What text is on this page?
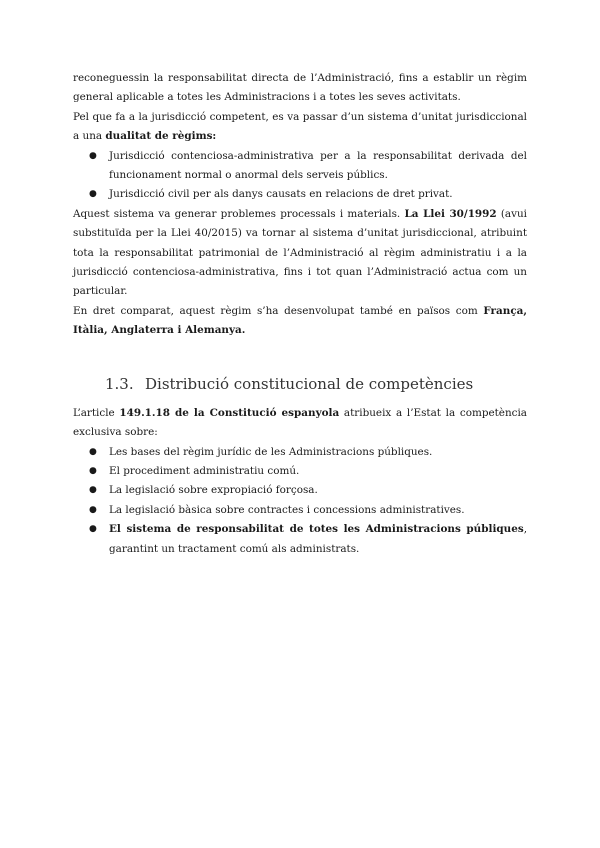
reconeguessin la responsabilitat directa de l’Administració, fins a establir un règim general aplicable a totes les Administracions i a totes les seves activitats.

Pel que fa a la jurisdicció competent, es va passar d’un sistema d’unitat jurisdiccional a una dualitat de règims:

● Jurisdicció contenciosa-administrativa per a la responsabilitat derivada del funcionament normal o anormal dels serveis públics.
● Jurisdicció civil per als danys causats en relacions de dret privat.

Aquest sistema va generar problemes processals i materials. La Llei 30/1992 (avui substituïda per la Llei 40/2015) va tornar al sistema d’unitat jurisdiccional, atribuint tota la responsabilitat patrimonial de l’Administració al règim administratiu i a la jurisdicció contenciosa-administrativa, fins i tot quan l’Administració actua com un particular.

En dret comparat, aquest règim s’ha desenvolupat també en països com França, Itàlia, Anglaterra i Alemanya.

1.3. Distribució constitucional de competències

L’article 149.1.18 de la Constitució espanyola atribueix a l’Estat la competència exclusiva sobre:

● Les bases del règim jurídic de les Administracions públiques.
● El procediment administratiu comú.
● La legislació sobre expropiació forçosa.
● La legislació bàsica sobre contractes i concessions administratives.
● El sistema de responsabilitat de totes les Administracions públiques, garantint un tractament comú als administrats.
